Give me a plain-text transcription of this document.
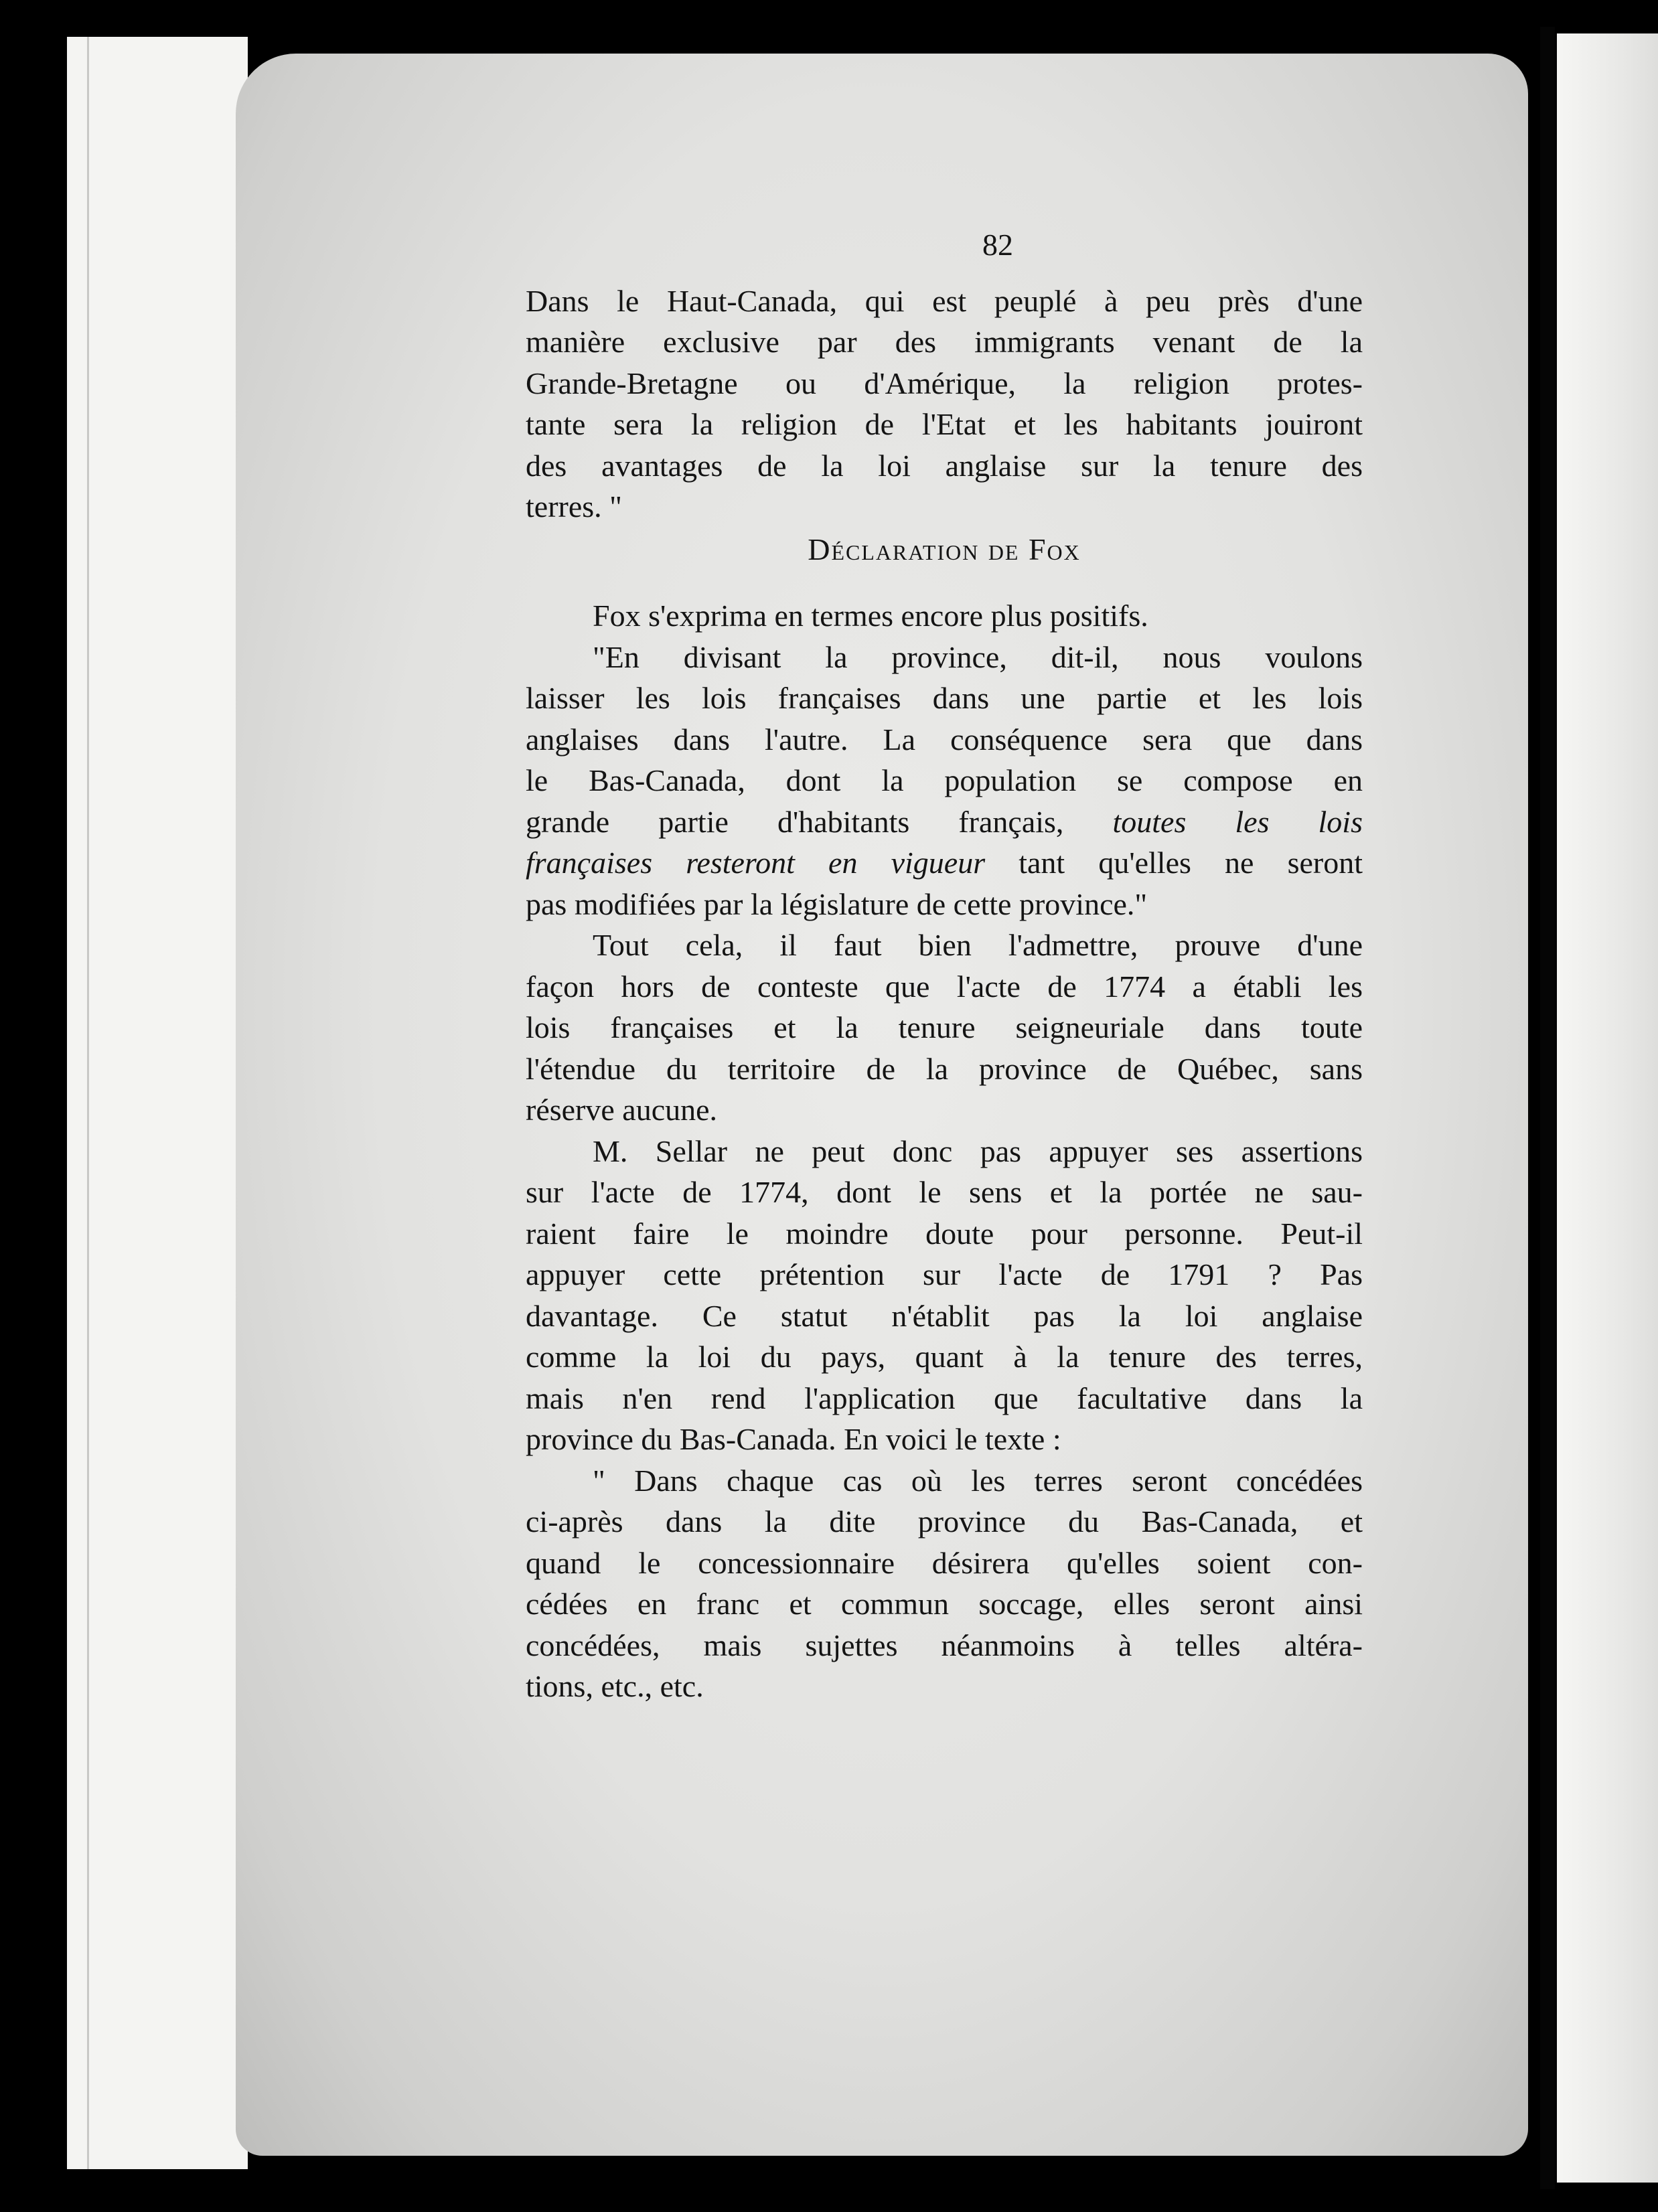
82
Dans le Haut-Canada, qui est peuplé à peu près d'une
manière exclusive par des immigrants venant de la
Grande-Bretagne ou d'Amérique, la religion protes-
tante sera la religion de l'Etat et les habitants jouiront
des avantages de la loi anglaise sur la tenure des
terres. "
Déclaration de Fox
Fox s'exprima en termes encore plus positifs.
"En divisant la province, dit-il, nous voulons
laisser les lois françaises dans une partie et les lois
anglaises dans l'autre. La conséquence sera que dans
le Bas-Canada, dont la population se compose en
grande partie d'habitants français, toutes les lois
françaises resteront en vigueur tant qu'elles ne seront
pas modifiées par la législature de cette province."
Tout cela, il faut bien l'admettre, prouve d'une
façon hors de conteste que l'acte de 1774 a établi les
lois françaises et la tenure seigneuriale dans toute
l'étendue du territoire de la province de Québec, sans
réserve aucune.
M. Sellar ne peut donc pas appuyer ses assertions
sur l'acte de 1774, dont le sens et la portée ne sau-
raient faire le moindre doute pour personne. Peut-il
appuyer cette prétention sur l'acte de 1791 ? Pas
davantage. Ce statut n'établit pas la loi anglaise
comme la loi du pays, quant à la tenure des terres,
mais n'en rend l'application que facultative dans la
province du Bas-Canada. En voici le texte :
" Dans chaque cas où les terres seront concédées
ci-après dans la dite province du Bas-Canada, et
quand le concessionnaire désirera qu'elles soient con-
cédées en franc et commun soccage, elles seront ainsi
concédées, mais sujettes néanmoins à telles altéra-
tions, etc., etc.
